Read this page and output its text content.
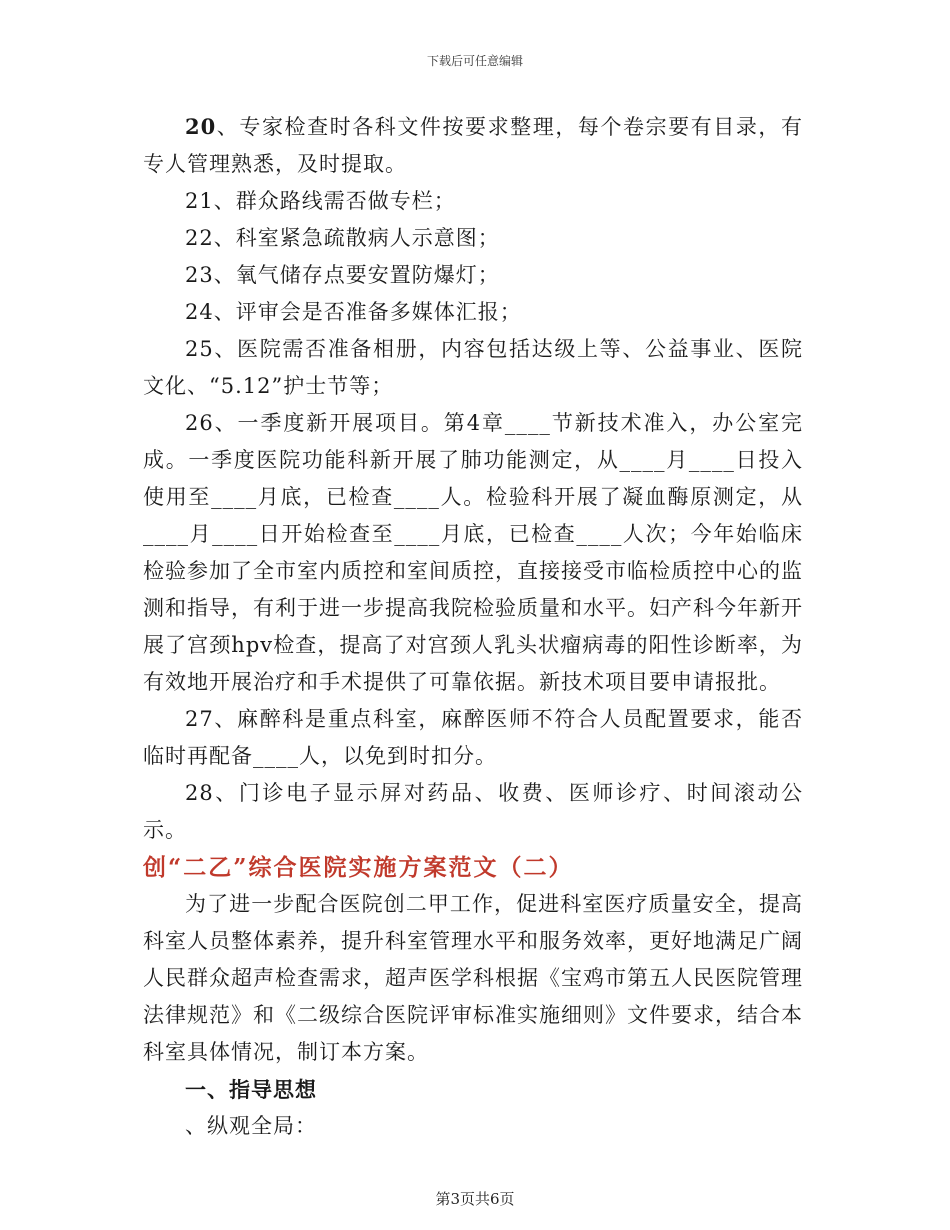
下载后可任意编辑

20、专家检查时各科文件按要求整理，每个卷宗要有目录，有专人管理熟悉，及时提取。

21、群众路线需否做专栏；

22、科室紧急疏散病人示意图；

23、氧气储存点要安置防爆灯；

24、评审会是否准备多媒体汇报；

25、医院需否准备相册，内容包括达级上等、公益事业、医院文化、“5.12”护士节等；

26、一季度新开展项目。第4章____节新技术准入，办公室完成。一季度医院功能科新开展了肺功能测定，从____月____日投入使用至____月底，已检查____人。检验科开展了凝血酶原测定，从____月____日开始检查至____月底，已检查____人次；今年始临床检验参加了全市室内质控和室间质控，直接接受市临检质控中心的监测和指导，有利于进一步提高我院检验质量和水平。妇产科今年新开展了宫颈hpv检查，提高了对宫颈人乳头状瘤病毒的阳性诊断率，为有效地开展治疗和手术提供了可靠依据。新技术项目要申请报批。

27、麻醉科是重点科室，麻醉医师不符合人员配置要求，能否临时再配备____人，以免到时扣分。

28、门诊电子显示屏对药品、收费、医师诊疗、时间滚动公示。

创“二乙”综合医院实施方案范文（二）

为了进一步配合医院创二甲工作，促进科室医疗质量安全，提高科室人员整体素养，提升科室管理水平和服务效率，更好地满足广阔人民群众超声检查需求，超声医学科根据《宝鸡市第五人民医院管理法律规范》和《二级综合医院评审标准实施细则》文件要求，结合本科室具体情况，制订本方案。

一、指导思想

、纵观全局：

第3页共6页
